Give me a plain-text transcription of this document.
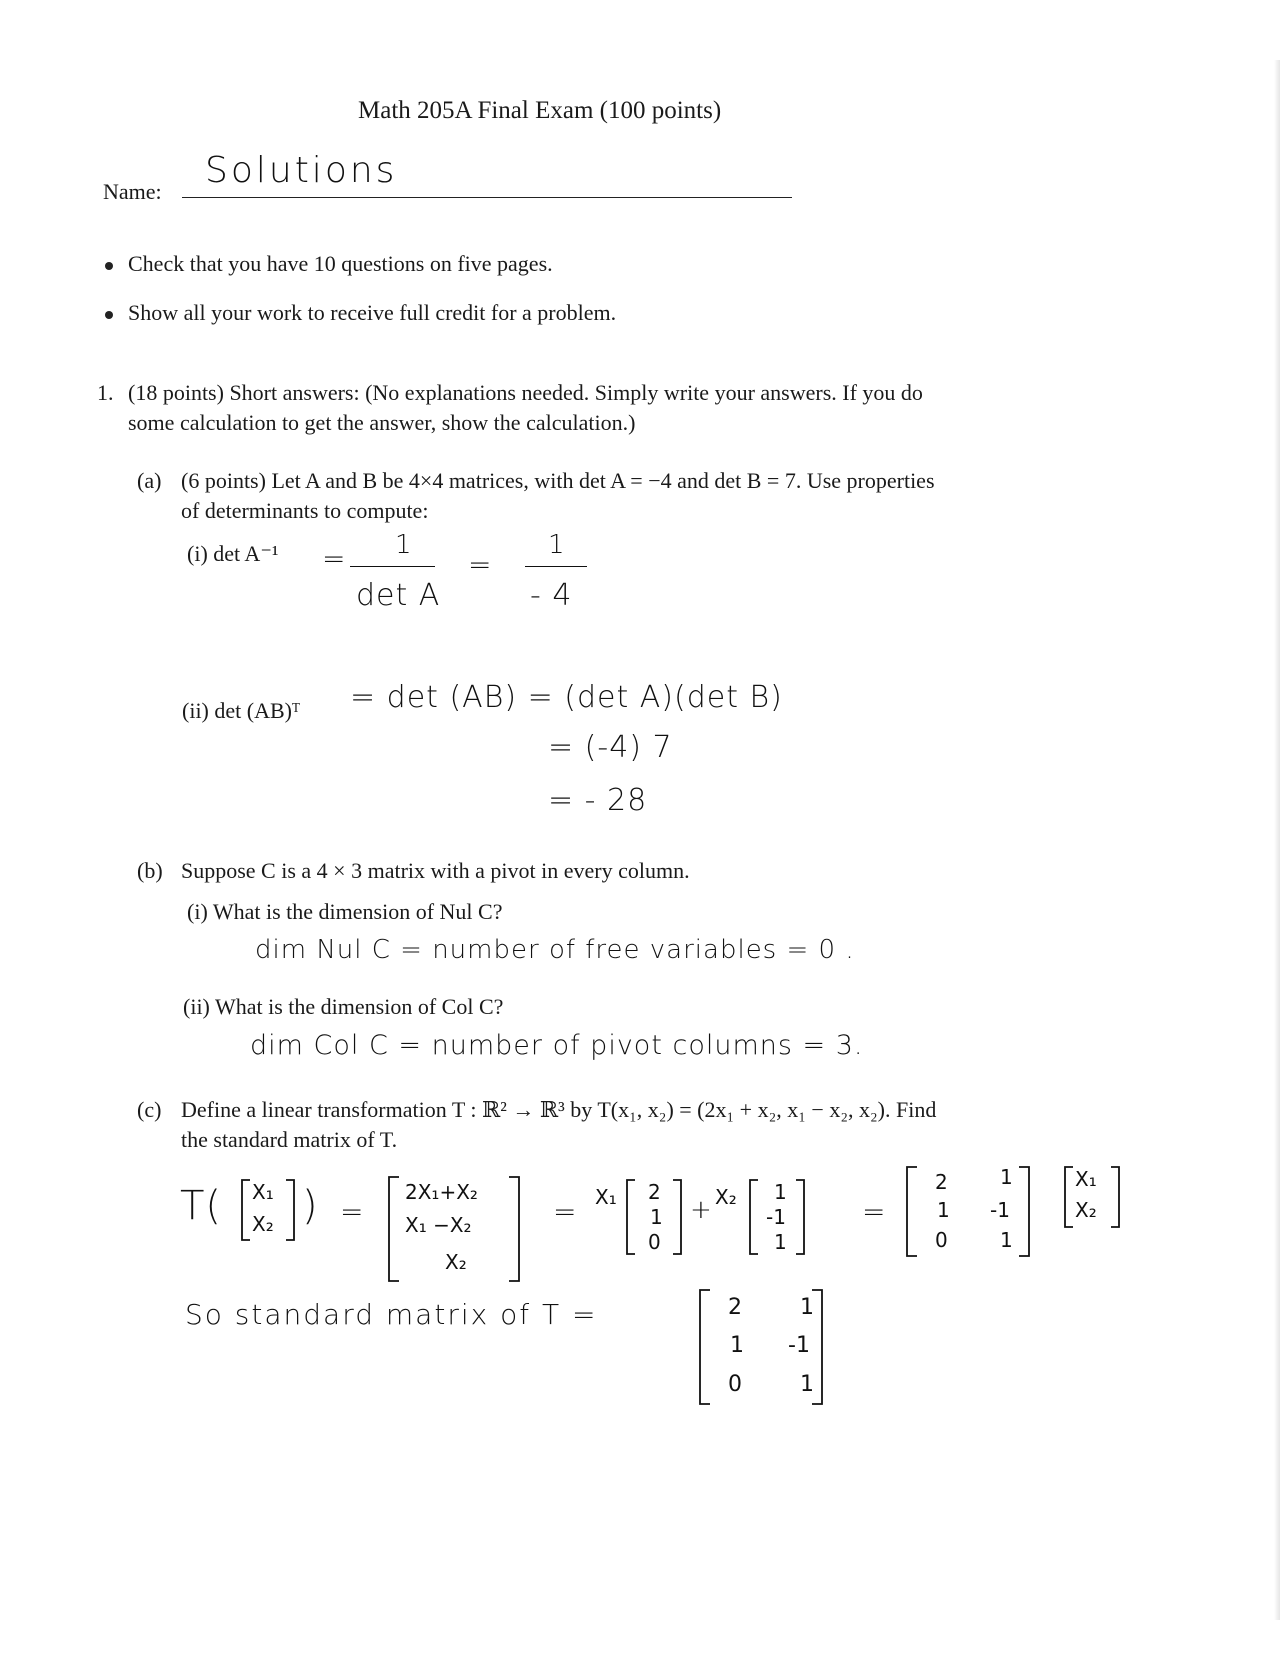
Math 205A Final Exam (100 points)
Name:
Solutions
Check that you have 10 questions on five pages.
Show all your work to receive full credit for a problem.
1. (18 points) Short answers: (No explanations needed. Simply write your answers. If you do
some calculation to get the answer, show the calculation.)
(a) (6 points) Let A and B be 4×4 matrices, with det A = −4 and det B = 7. Use properties
of determinants to compute:
(i) det A⁻¹ = 1
det A
=
1
- 4
(ii) det (AB)ᵀ = det (AB) = (det A)(det B)
= (-4) 7
= - 28
(b) Suppose C is a 4 × 3 matrix with a pivot in every column.
(i) What is the dimension of Nul C?
dim Nul C = number of free variables = 0 .
(ii) What is the dimension of Col C?
dim Col C = number of pivot columns = 3.
(c) Define a linear transformation T : ℝ² → ℝ³ by T(x₁, x₂) = (2x₁ + x₂, x₁ − x₂, x₂). Find
the standard matrix of T.
T( X₁
X₂ ) =
2X₁+X₂
X₁ −X₂
X₂
= X₁ 2
1
0
+ X₂ 1
-1
1
=
2	1
1 -1
0	1
X₁
X₂
So standard matrix of T =	2	1
1 -1
0	1
